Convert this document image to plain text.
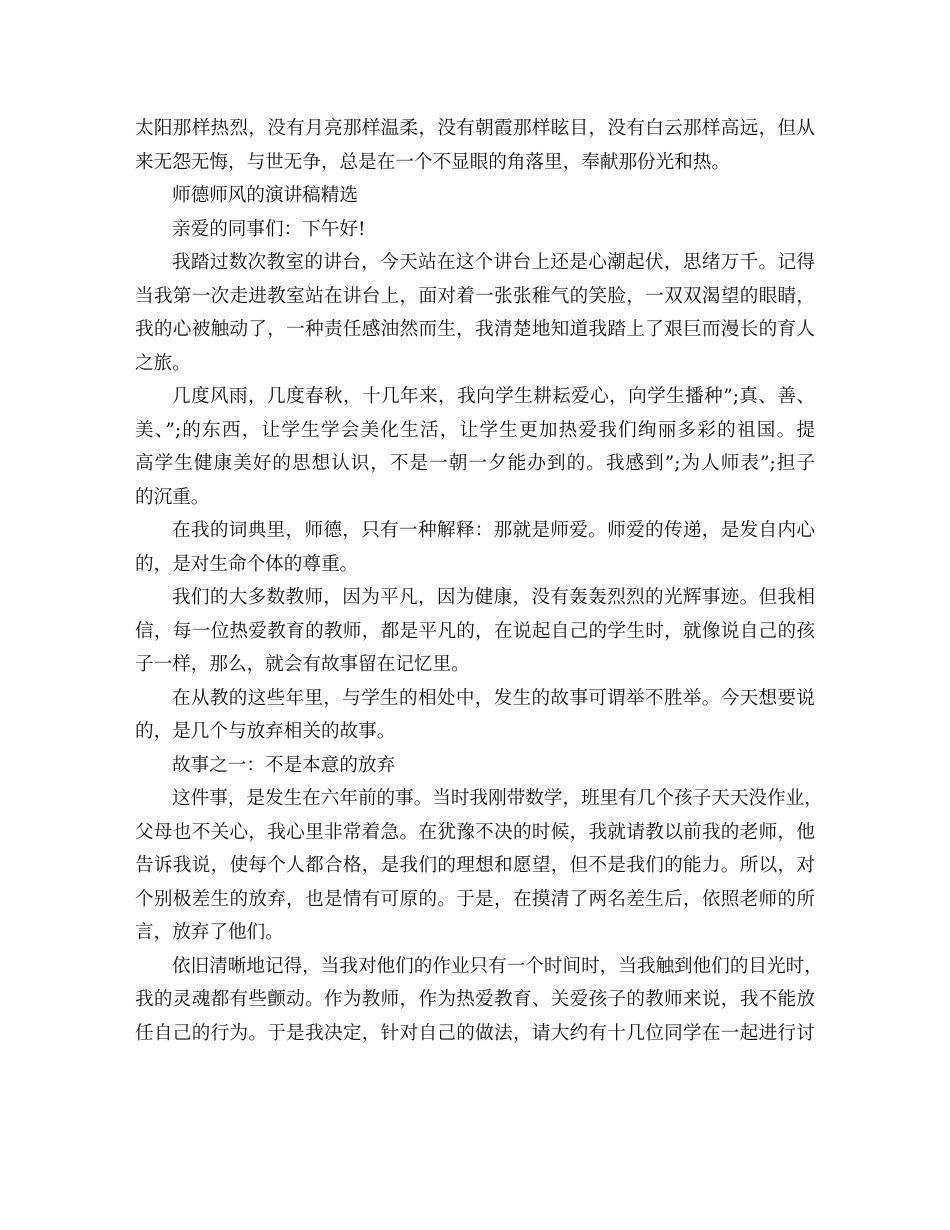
太阳那样热烈，没有月亮那样温柔，没有朝霞那样眩目，没有白云那样高远，但从

来无怨无悔，与世无争，总是在一个不显眼的角落里，奉献那份光和热。

师德师风的演讲稿精选

亲爱的同事们：下午好!

我踏过数次教室的讲台，今天站在这个讲台上还是心潮起伏，思绪万千。记得

当我第一次走进教室站在讲台上，面对着一张张稚气的笑脸，一双双渴望的眼睛，

我的心被触动了，一种责任感油然而生，我清楚地知道我踏上了艰巨而漫长的育人

之旅。

几度风雨，几度春秋，十几年来，我向学生耕耘爱心，向学生播种”;真、善、

美、”;的东西，让学生学会美化生活，让学生更加热爱我们绚丽多彩的祖国。提

高学生健康美好的思想认识，不是一朝一夕能办到的。我感到”;为人师表”;担子

的沉重。

在我的词典里，师德，只有一种解释：那就是师爱。师爱的传递，是发自内心

的，是对生命个体的尊重。

我们的大多数教师，因为平凡，因为健康，没有轰轰烈烈的光辉事迹。但我相

信，每一位热爱教育的教师，都是平凡的，在说起自己的学生时，就像说自己的孩

子一样，那么，就会有故事留在记忆里。

在从教的这些年里，与学生的相处中，发生的故事可谓举不胜举。今天想要说

的，是几个与放弃相关的故事。

故事之一：不是本意的放弃

这件事，是发生在六年前的事。当时我刚带数学，班里有几个孩子天天没作业，

父母也不关心，我心里非常着急。在犹豫不决的时候，我就请教以前我的老师，他

告诉我说，使每个人都合格，是我们的理想和愿望，但不是我们的能力。所以，对

个别极差生的放弃，也是情有可原的。于是，在摸清了两名差生后，依照老师的所

言，放弃了他们。

依旧清晰地记得，当我对他们的作业只有一个时间时，当我触到他们的目光时，

我的灵魂都有些颤动。作为教师，作为热爱教育、关爱孩子的教师来说，我不能放

任自己的行为。于是我决定，针对自己的做法，请大约有十几位同学在一起进行讨
